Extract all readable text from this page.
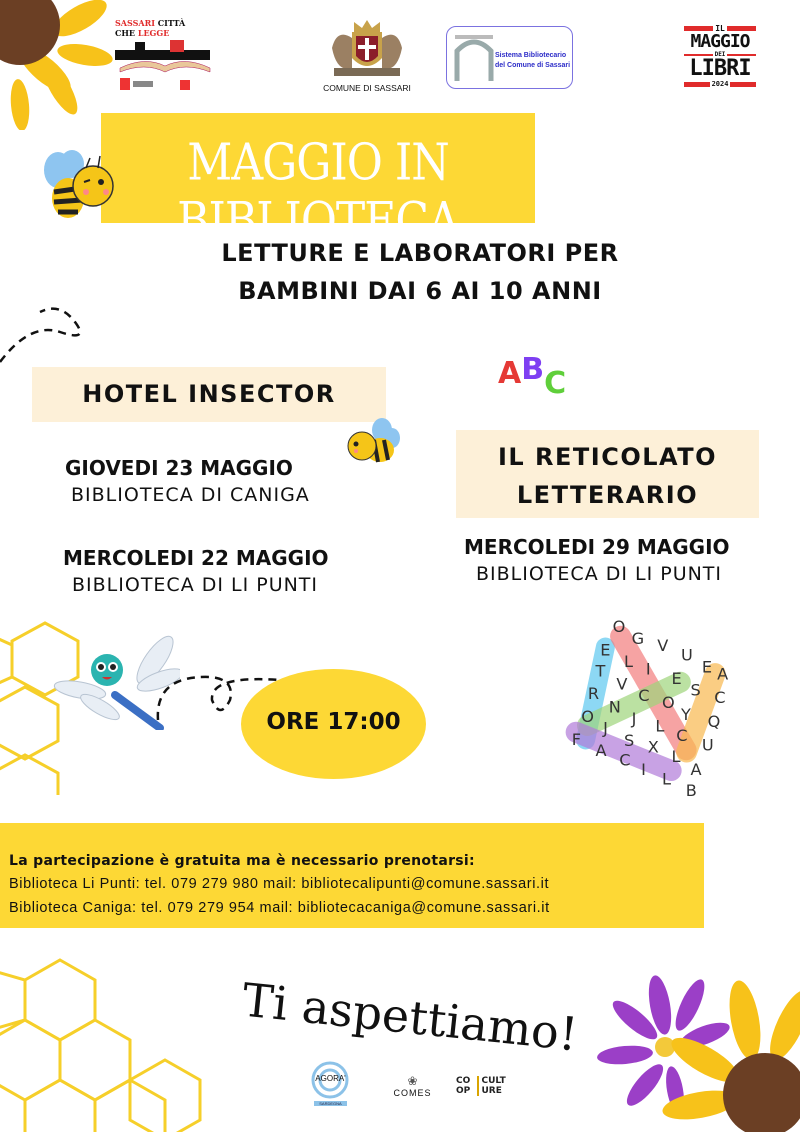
SASSARI CITTÀ
CHE LEGGE
COMUNE DI SASSARI
Sistema Bibliotecario
del Comune di Sassari
IL
MAGGIO
DEI
LIBRI
2024
MAGGIO IN BIBLIOTECA
LETTURE E LABORATORI PER
BAMBINI DAI 6 AI 10 ANNI
HOTEL INSECTOR
GIOVEDI 23 MAGGIO
BIBLIOTECA DI CANIGA
MERCOLEDI 22 MAGGIO
BIBLIOTECA DI LI PUNTI
ABC
IL RETICOLATO
LETTERARIO
MERCOLEDI 29 MAGGIO
BIBLIOTECA DI LI PUNTI
O
G V U
E
E
L I E
S
A
T
V
C O
Y
C
R
N
J L C
Q
O
J
S X L
U
F
A C I L A
B
ORE 17:00
La partecipazione è gratuita ma è necessario prenotarsi:
Biblioteca Li Punti: tel. 079 279 980 mail: bibliotecalipunti@comune.sassari.it
Biblioteca Caniga: tel. 079 279 954 mail: bibliotecacaniga@comune.sassari.it
Ti aspettiamo!
AGORA'
SARDEGNA
❀
COMES
CO OP
CULT URE
